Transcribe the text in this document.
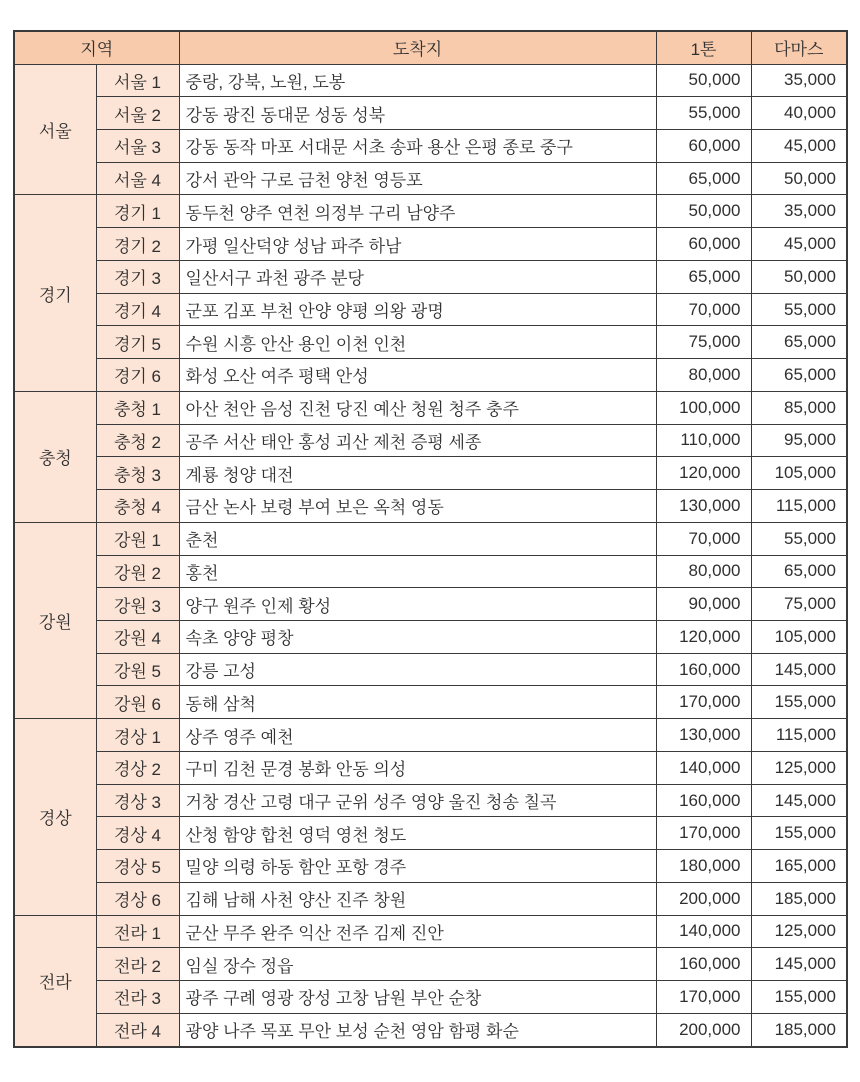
지역		도착지	1톤	다마스
서울	서울 1	중랑, 강북, 노원, 도봉	50,000	35,000
	서울 2	강동 광진 동대문 성동 성북	55,000	40,000
	서울 3	강동 동작 마포 서대문 서초 송파 용산 은평 종로 중구	60,000	45,000
	서울 4	강서 관악 구로 금천 양천 영등포	65,000	50,000
경기	경기 1	동두천 양주 연천 의정부 구리 남양주	50,000	35,000
	경기 2	가평 일산덕양 성남 파주 하남	60,000	45,000
	경기 3	일산서구 과천 광주 분당	65,000	50,000
	경기 4	군포 김포 부천 안양 양평 의왕 광명	70,000	55,000
	경기 5	수원 시흥 안산 용인 이천 인천	75,000	65,000
	경기 6	화성 오산 여주 평택 안성	80,000	65,000
충청	충청 1	아산 천안 음성 진천 당진 예산 청원 청주 충주	100,000	85,000
	충청 2	공주 서산 태안 홍성 괴산 제천 증평 세종	110,000	95,000
	충청 3	계룡 청양 대전	120,000	105,000
	충청 4	금산 논사 보령 부여 보은 옥척 영동	130,000	115,000
강원	강원 1	춘천	70,000	55,000
	강원 2	홍천	80,000	65,000
	강원 3	양구 원주 인제 황성	90,000	75,000
	강원 4	속초 양양 평창	120,000	105,000
	강원 5	강릉 고성	160,000	145,000
	강원 6	동해 삼척	170,000	155,000
경상	경상 1	상주 영주 예천	130,000	115,000
	경상 2	구미 김천 문경 봉화 안동 의성	140,000	125,000
	경상 3	거창 경산 고령 대구 군위 성주 영양 울진 청송 칠곡	160,000	145,000
	경상 4	산청 함양 합천 영덕 영천 청도	170,000	155,000
	경상 5	밀양 의령 하동 함안 포항 경주	180,000	165,000
	경상 6	김해 남해 사천 양산 진주 창원	200,000	185,000
전라	전라 1	군산 무주 완주 익산 전주 김제 진안	140,000	125,000
	전라 2	임실 장수 정읍	160,000	145,000
	전라 3	광주 구례 영광 장성 고창 남원 부안 순창	170,000	155,000
	전라 4	광양 나주 목포 무안 보성 순천 영암 함평 화순	200,000	185,000
